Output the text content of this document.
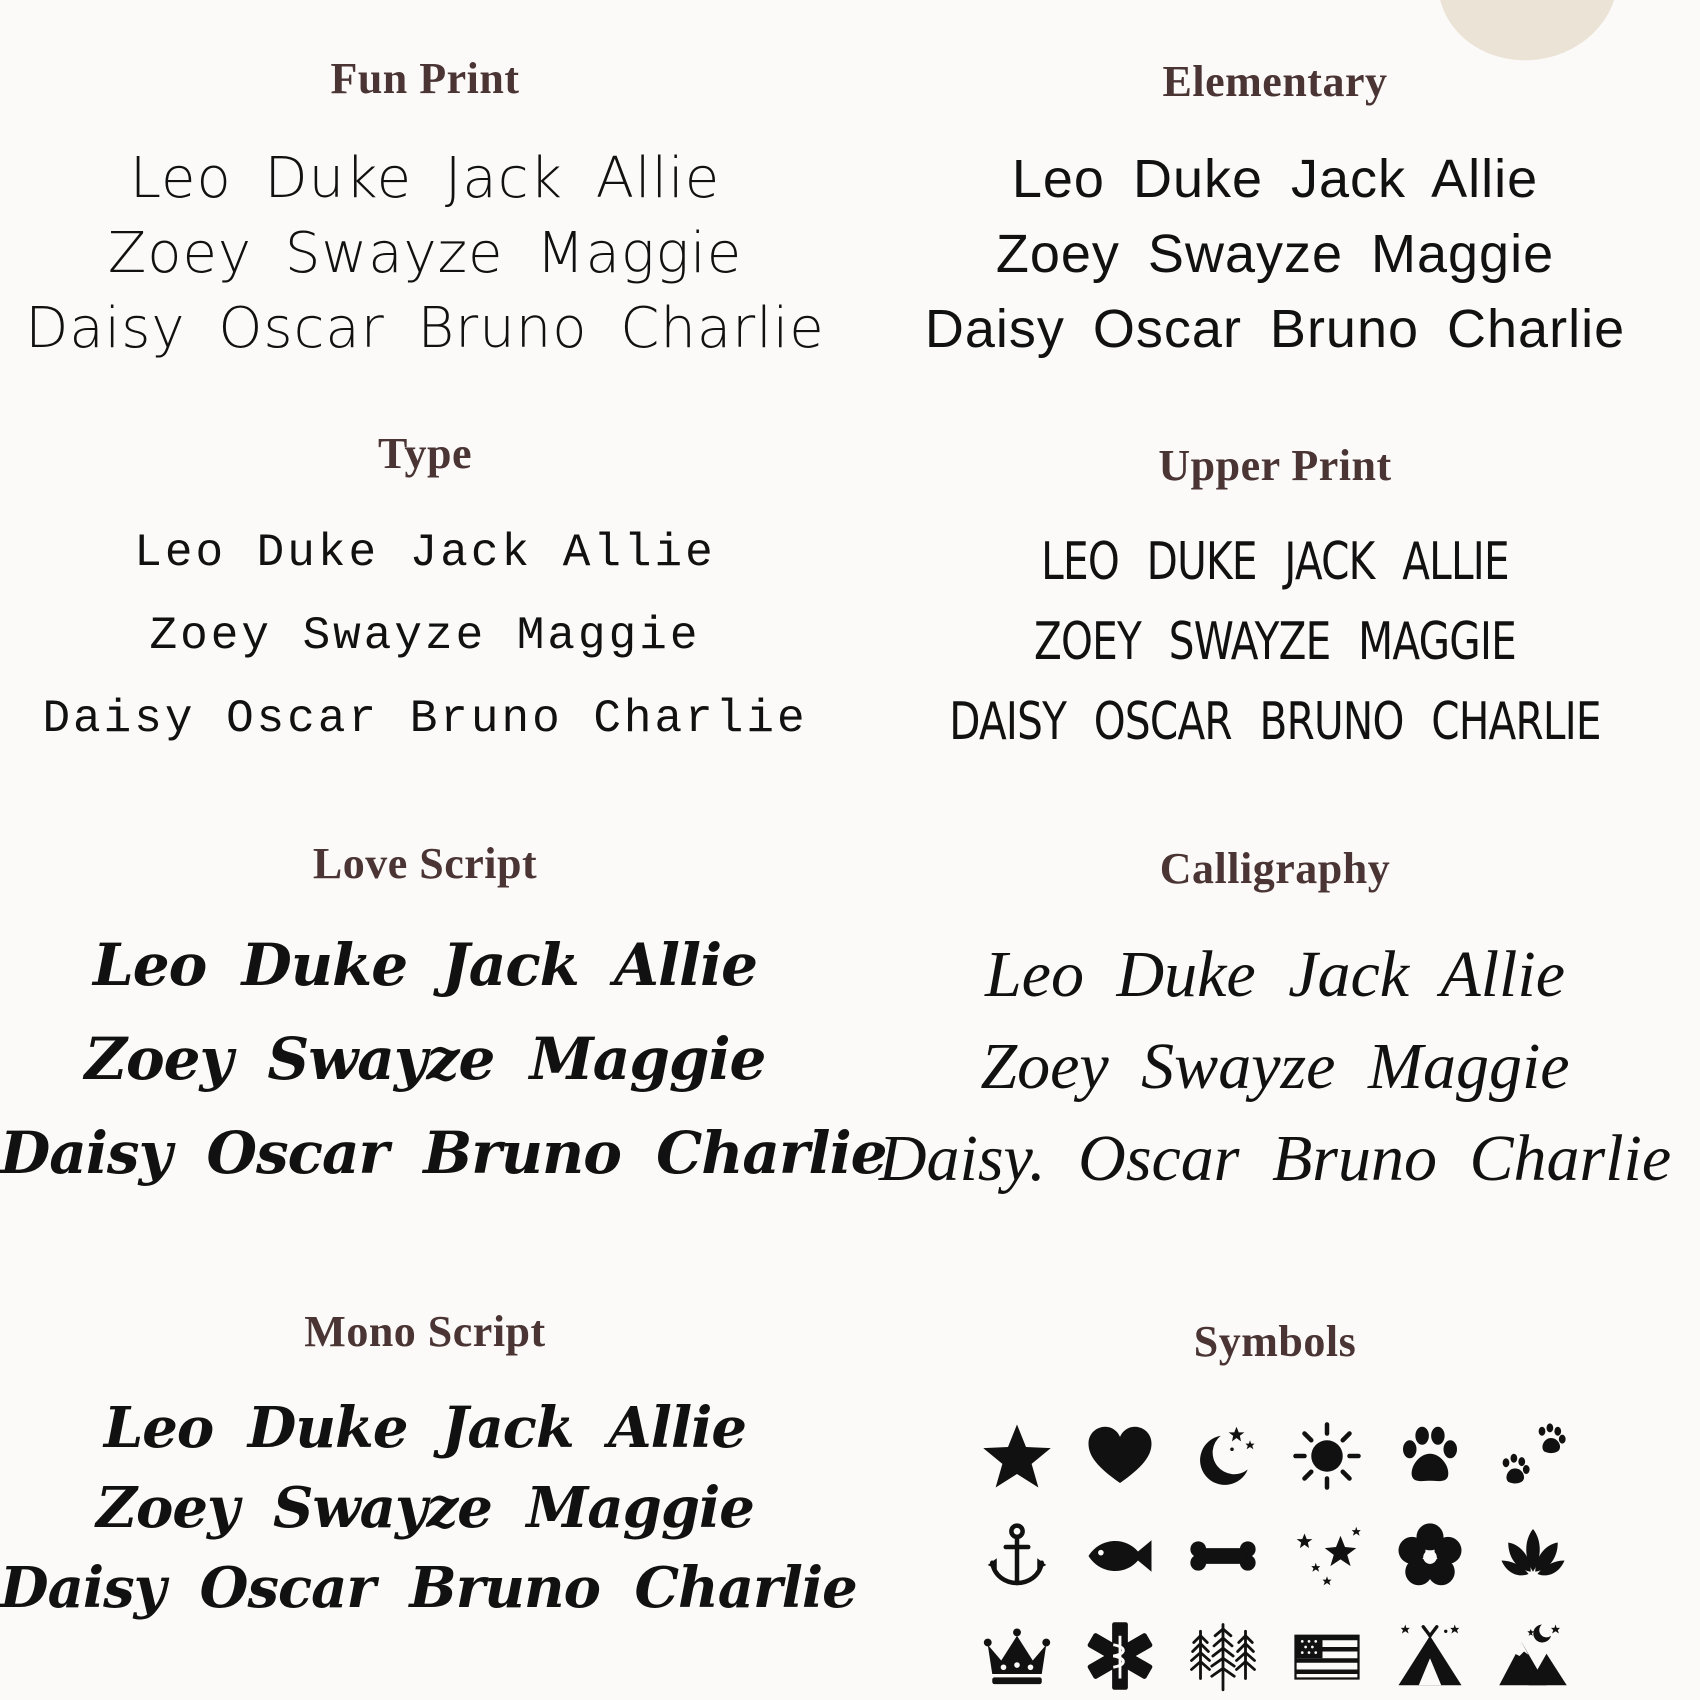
Fun Print
Leo Duke Jack Allie
Zoey Swayze Maggie
Daisy Oscar Bruno Charlie
Elementary
Leo Duke Jack Allie
Zoey Swayze Maggie
Daisy Oscar Bruno Charlie
Type
Leo Duke Jack Allie
Zoey Swayze Maggie
Daisy Oscar Bruno Charlie
Upper Print
LEO DUKE JACK ALLIE
ZOEY SWAYZE MAGGIE
DAISY OSCAR BRUNO CHARLIE
Love Script
Leo Duke Jack Allie
Zoey Swayze Maggie
Daisy Oscar Bruno Charlie
Calligraphy
Leo Duke Jack Allie
Zoey Swayze Maggie
Daisy. Oscar Bruno Charlie
Mono Script
Leo Duke Jack Allie
Zoey Swayze Maggie
Daisy Oscar Bruno Charlie
Symbols
